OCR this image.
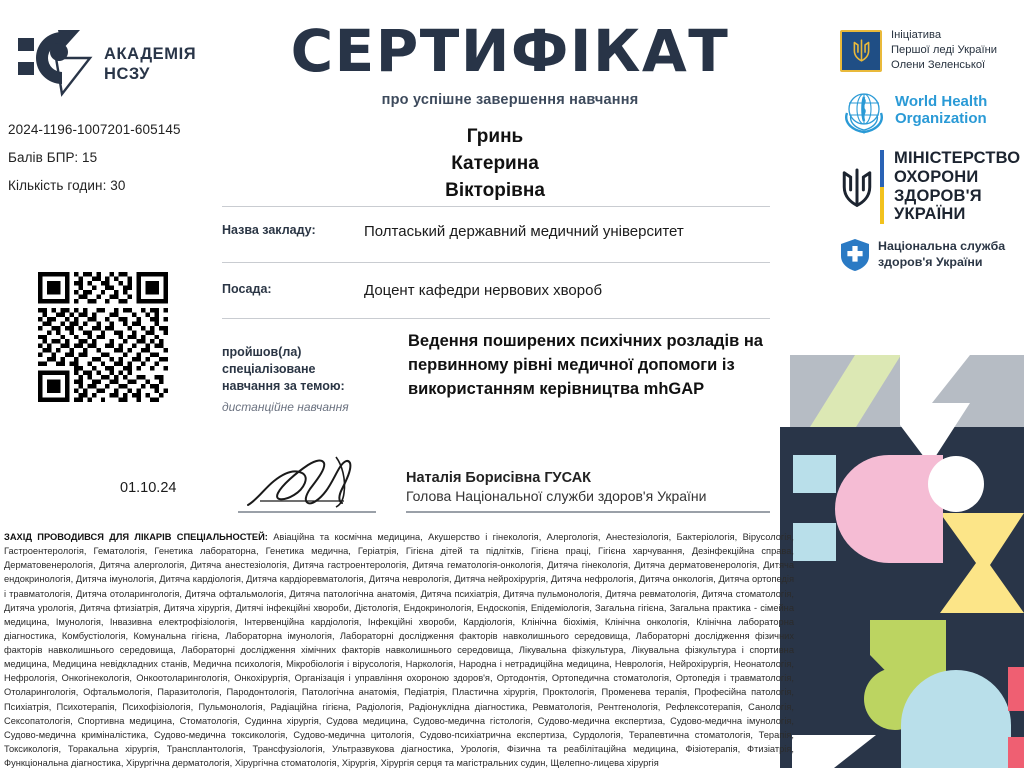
АКАДЕМІЯ
НСЗУ
2024-1196-1007201-605145
Балів БПР: 15
Кількість годин: 30
СЕРТИФІКАТ
про успішне завершення навчання
Гринь
Катерина
Вікторівна
Назва закладу:	Полтаський державний медичний університет
Посада:	Доцент кафедри нервових хвороб
пройшов(ла) спеціалізоване навчання за темою:
дистанційне навчання
Ведення поширених психічних розладів на первинному рівні медичної допомоги із використанням керівництва mhGAP
01.10.24
Наталія Борисівна ГУСАК
Голова Національної служби здоров'я України
Ініціатива
Першої леді України
Олени Зеленської
World Health
Organization
МІНІСТЕРСТВО
ОХОРОНИ
ЗДОРОВ'Я
УКРАЇНИ
Національна служба
здоров'я України
ЗАХІД ПРОВОДИВСЯ ДЛЯ ЛІКАРІВ СПЕЦІАЛЬНОСТЕЙ: Авіаційна та космічна медицина, Акушерство і гінекологія, Алергологія, Анестезіологія, Бактеріологія, Вірусологія, Гастроентерологія, Гематологія, Генетика лабораторна, Генетика медична, Геріатрія, Гігієна дітей та підлітків, Гігієна праці, Гігієна харчування, Дезінфекційна справа, Дерматовенерологія, Дитяча алергологія, Дитяча анестезіологія, Дитяча гастроентерологія, Дитяча гематологія-онкологія, Дитяча гінекологія, Дитяча дерматовенерологія, Дитяча ендокринологія, Дитяча імунологія, Дитяча кардіологія, Дитяча кардіоревматологія, Дитяча неврологія, Дитяча нейрохірургія, Дитяча нефрологія, Дитяча онкологія, Дитяча ортопедія і травматологія, Дитяча отоларингологія, Дитяча офтальмологія, Дитяча патологічна анатомія, Дитяча психіатрія, Дитяча пульмонологія, Дитяча ревматологія, Дитяча стоматологія, Дитяча урологія, Дитяча фтизіатрія, Дитяча хірургія, Дитячі інфекційні хвороби, Дієтологія, Ендокринологія, Ендоскопія, Епідеміологія, Загальна гігієна, Загальна практика - сімейна медицина, Імунологія, Інвазивна електрофізіологія, Інтервенційна кардіологія, Інфекційні хвороби, Кардіологія, Клінічна біохімія, Клінічна онкологія, Клінічна лабораторна діагностика, Комбустіологія, Комунальна гігієна, Лабораторна імунологія, Лабораторні дослідження факторів навколишнього середовища, Лабораторні дослідження фізичних факторів навколишнього середовища, Лабораторні дослідження хімічних факторів навколишнього середовища, Лікувальна фізкультура, Лікувальна фізкультура і спортивна медицина, Медицина невідкладних станів, Медична психологія, Мікробіологія і вірусологія, Наркологія, Народна і нетрадиційна медицина, Неврологія, Нейрохірургія, Неонатологія, Нефрологія, Онкогінекологія, Онкоотоларингологія, Онкохірургія, Організація і управління охороною здоров'я, Ортодонтія, Ортопедична стоматологія, Ортопедія і травматологія, Отоларингологія, Офтальмологія, Паразитологія, Пародонтологія, Патологічна анатомія, Педіатрія, Пластична хірургія, Проктологія, Променева терапія, Професійна патологія, Психіатрія, Психотерапія, Психофізіологія, Пульмонологія, Радіаційна гігієна, Радіологія, Радіонуклідна діагностика, Ревматологія, Рентгенологія, Рефлексотерапія, Санологія, Сексопатологія, Спортивна медицина, Стоматологія, Судинна хірургія, Судова медицина, Судово-медична гістологія, Судово-медична експертиза, Судово-медична імунологія, Судово-медична криміналістика, Судово-медична токсикологія, Судово-медична цитологія, Судово-психіатрична експертиза, Сурдологія, Терапевтична стоматологія, Терапія, Токсикологія, Торакальна хірургія, Трансплантологія, Трансфузіологія, Ультразвукова діагностика, Урологія, Фізична та реабілітаційна медицина, Фізіотерапія, Фтизіатрія, Функціональна діагностика, Хірургічна дерматологія, Хірургічна стоматологія, Хірургія, Хірургія серця та магістральних судин, Щелепно-лицева хірургія
